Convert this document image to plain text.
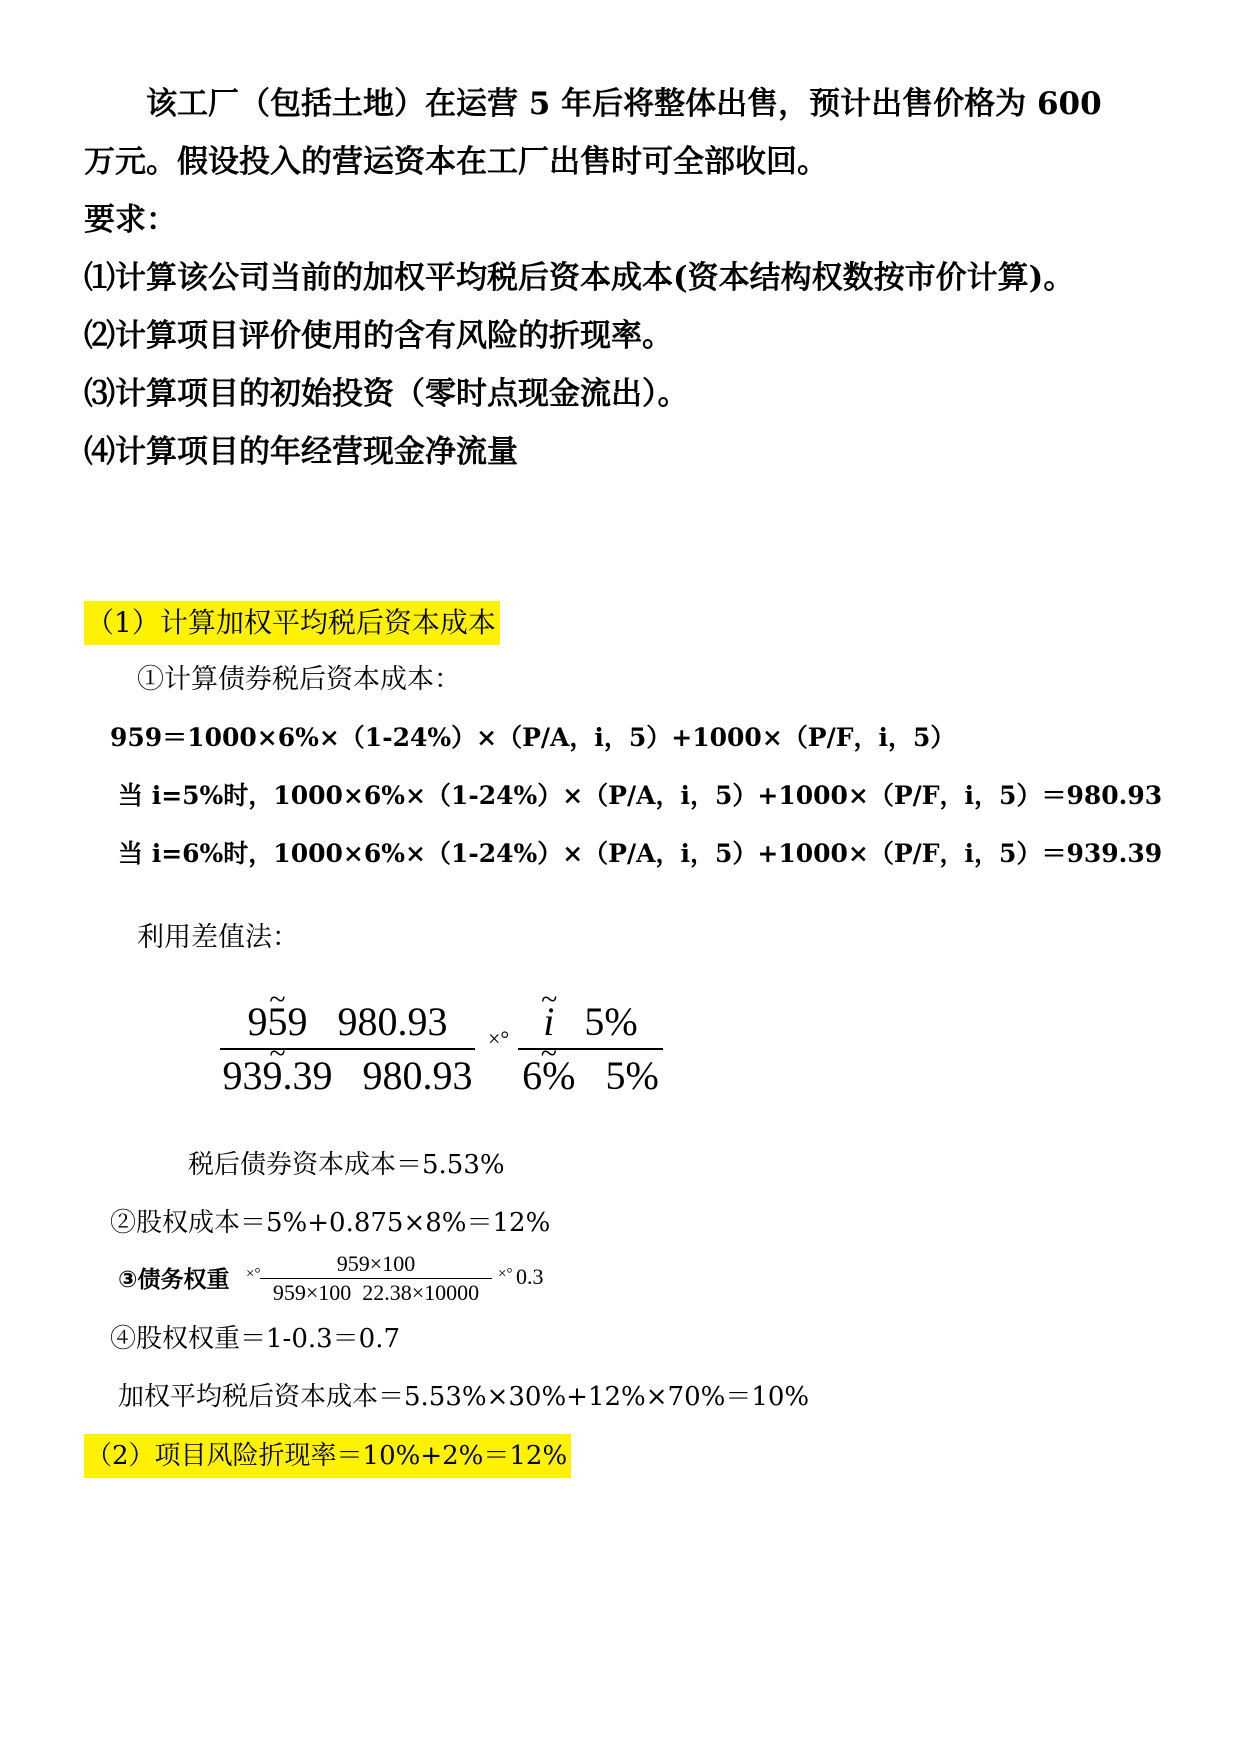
该工厂（包括土地）在运营 5 年后将整体出售，预计出售价格为 600
万元。假设投入的营运资本在工厂出售时可全部收回。
要求：
⑴计算该公司当前的加权平均税后资本成本(资本结构权数按市价计算)。
⑵计算项目评价使用的含有风险的折现率。
⑶计算项目的初始投资（零时点现金流出）。
⑷计算项目的年经营现金净流量
（1）计算加权平均税后资本成本
①计算债券税后资本成本：
959＝1000×6%×（1-24%）×（P/A，i，5）+1000×（P/F，i，5）
当 i=5%时，1000×6%×（1-24%）×（P/A，i，5）+1000×（P/F，i，5）＝980.93
当 i=6%时，1000×6%×（1-24%）×（P/A，i，5）+1000×（P/F，i，5）＝939.39
利用差值法：
959 ~ 980.93
939.39 ~ 980.93
×° i ~ 5%
6% ~ 5%
税后债券资本成本＝5.53%
②股权成本＝5%+0.875×8%＝12%
③债务权重 ×°	959×100
959×100 22.38×10000
×° 0.3
④股权权重＝1-0.3＝0.7
加权平均税后资本成本＝5.53%×30%+12%×70%＝10%
（2）项目风险折现率＝10%+2%＝12%
